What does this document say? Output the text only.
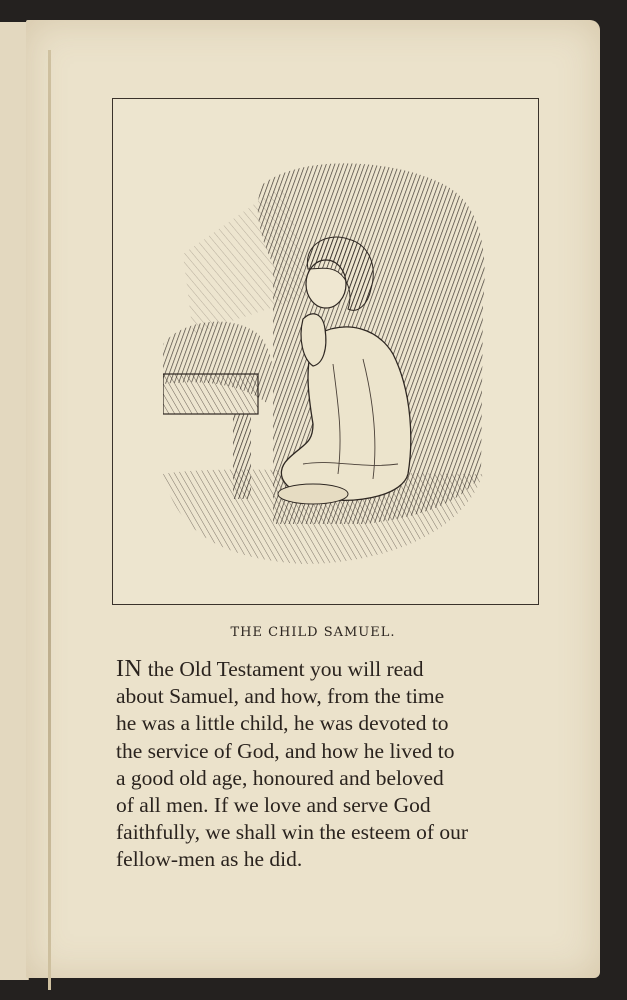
THE CHILD SAMUEL.
IN the Old Testament you will read
about Samuel, and how, from the time
he was a little child, he was devoted to
the service of God, and how he lived to
a good old age, honoured and beloved
of all men. If we love and serve God
faithfully, we shall win the esteem of our
fellow-men as he did.
